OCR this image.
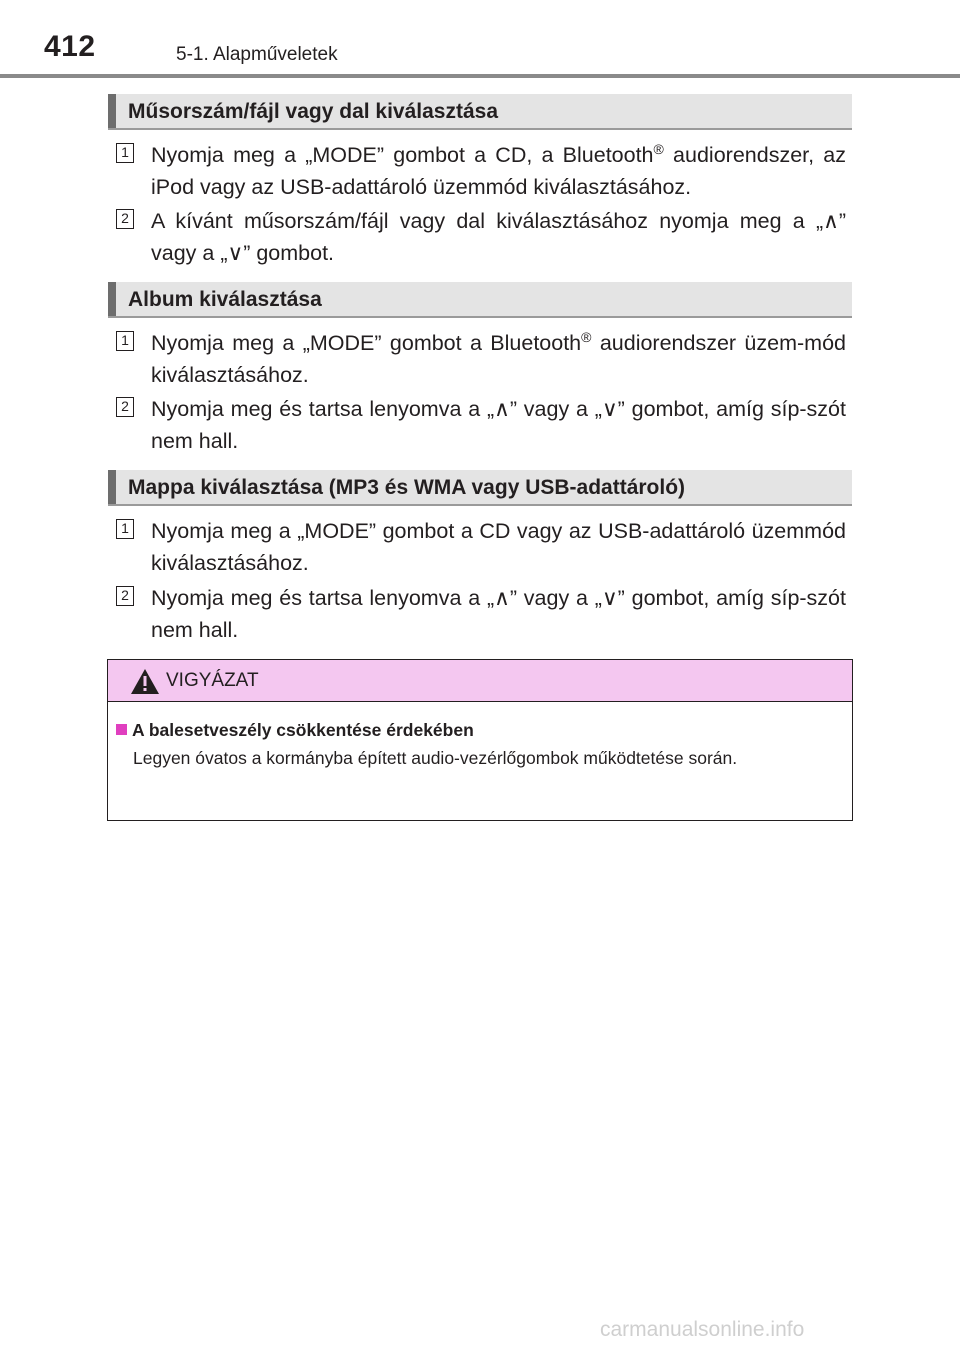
412	5-1. Alapműveletek
Műsorszám/fájl vagy dal kiválasztása
1 Nyomja meg a „MODE” gombot a CD, a Bluetooth® audiorendszer, az iPod vagy az USB-adattároló üzemmód kiválasztásához.
2 A kívánt műsorszám/fájl vagy dal kiválasztásához nyomja meg a „∧” vagy a „∨” gombot.
Album kiválasztása
1 Nyomja meg a „MODE” gombot a Bluetooth® audiorendszer üzem-mód kiválasztásához.
2 Nyomja meg és tartsa lenyomva a „∧” vagy a „∨” gombot, amíg síp-szót nem hall.
Mappa kiválasztása (MP3 és WMA vagy USB-adattároló)
1 Nyomja meg a „MODE” gombot a CD vagy az USB-adattároló üzemmód kiválasztásához.
2 Nyomja meg és tartsa lenyomva a „∧” vagy a „∨” gombot, amíg síp-szót nem hall.
VIGYÁZAT
A balesetveszély csökkentése érdekében
Legyen óvatos a kormányba épített audio-vezérlőgombok működtetése során.
carmanualsonline.info
